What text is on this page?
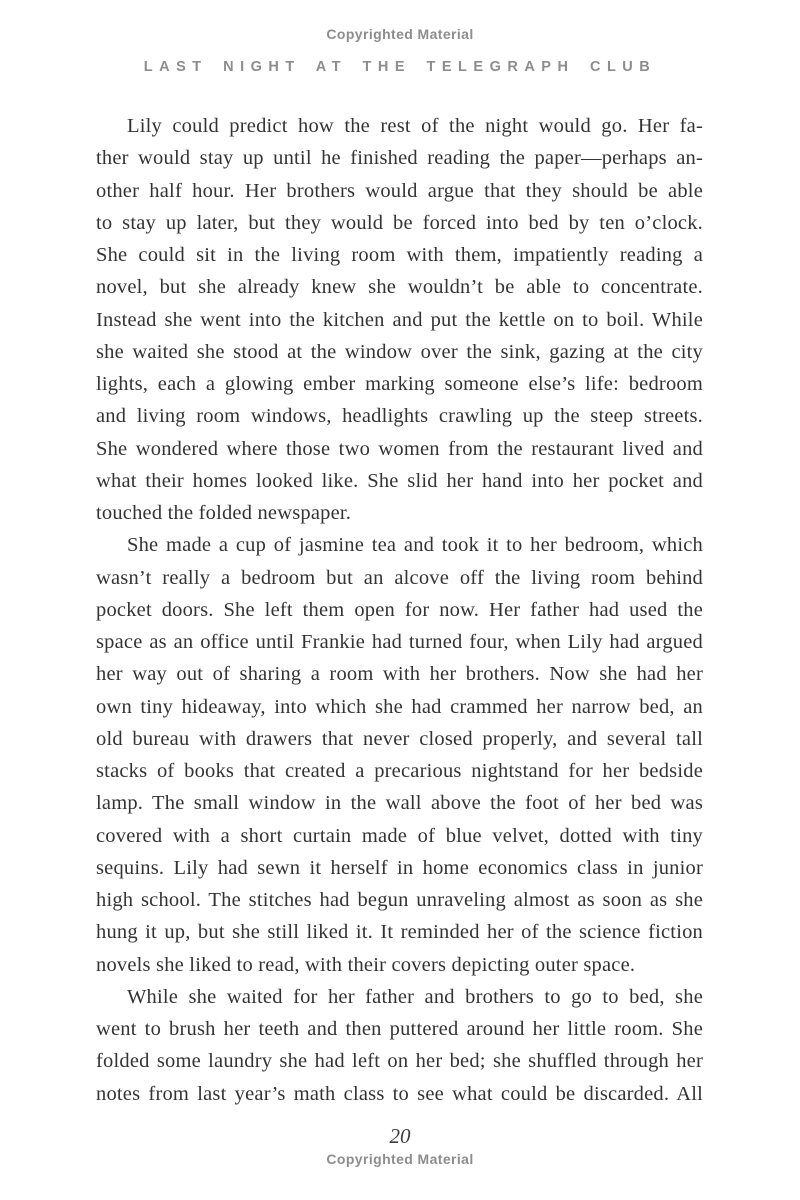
Copyrighted Material
LAST NIGHT AT THE TELEGRAPH CLUB
Lily could predict how the rest of the night would go. Her fa-
ther would stay up until he finished reading the paper—perhaps an-
other half hour. Her brothers would argue that they should be able
to stay up later, but they would be forced into bed by ten o’clock.
She could sit in the living room with them, impatiently reading a
novel, but she already knew she wouldn’t be able to concentrate.
Instead she went into the kitchen and put the kettle on to boil. While
she waited she stood at the window over the sink, gazing at the city
lights, each a glowing ember marking someone else’s life: bedroom
and living room windows, headlights crawling up the steep streets.
She wondered where those two women from the restaurant lived and
what their homes looked like. She slid her hand into her pocket and
touched the folded newspaper.
She made a cup of jasmine tea and took it to her bedroom, which
wasn’t really a bedroom but an alcove off the living room behind
pocket doors. She left them open for now. Her father had used the
space as an office until Frankie had turned four, when Lily had argued
her way out of sharing a room with her brothers. Now she had her
own tiny hideaway, into which she had crammed her narrow bed, an
old bureau with drawers that never closed properly, and several tall
stacks of books that created a precarious nightstand for her bedside
lamp. The small window in the wall above the foot of her bed was
covered with a short curtain made of blue velvet, dotted with tiny
sequins. Lily had sewn it herself in home economics class in junior
high school. The stitches had begun unraveling almost as soon as she
hung it up, but she still liked it. It reminded her of the science fiction
novels she liked to read, with their covers depicting outer space.
While she waited for her father and brothers to go to bed, she
went to brush her teeth and then puttered around her little room. She
folded some laundry she had left on her bed; she shuffled through her
notes from last year’s math class to see what could be discarded. All
20
Copyrighted Material
